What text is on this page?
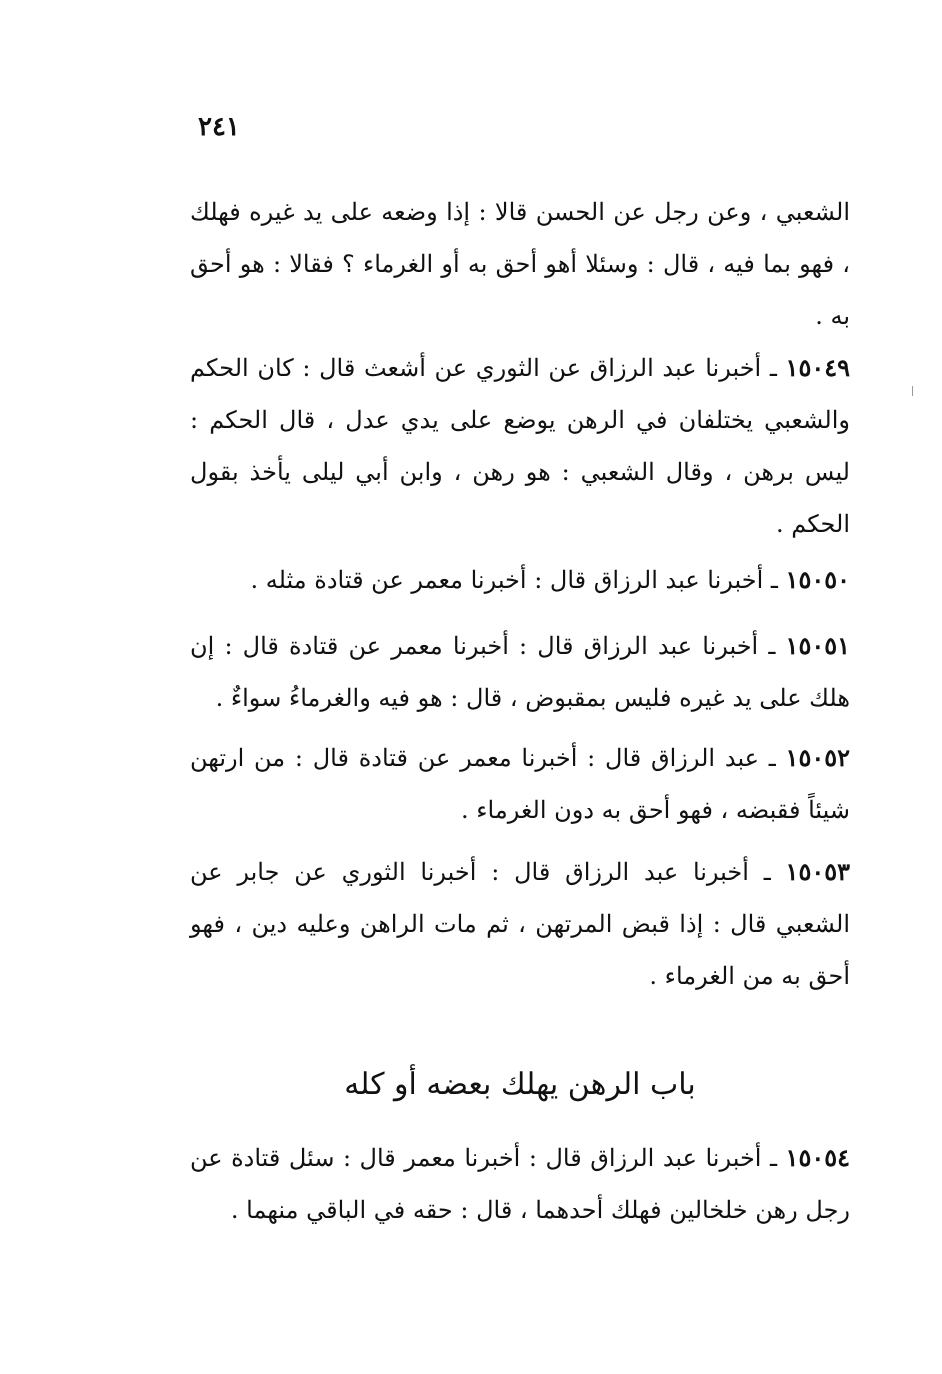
٢٤١
الشعبي ، وعن رجل عن الحسن قالا : إذا وضعه على يد غيره فهلك ، فهو بما فيه ، قال : وسئلا أهو أحق به أو الغرماء ؟ فقالا : هو أحق به .
١٥٠٤٩ ـ أخبرنا عبد الرزاق عن الثوري عن أشعث قال : كان الحكم والشعبي يختلفان في الرهن يوضع على يدي عدل ، قال الحكم : ليس برهن ، وقال الشعبي : هو رهن ، وابن أبي ليلى يأخذ بقول الحكم .
١٥٠٥٠ ـ أخبرنا عبد الرزاق قال : أخبرنا معمر عن قتادة مثله .
١٥٠٥١ ـ أخبرنا عبد الرزاق قال : أخبرنا معمر عن قتادة قال : إن هلك على يد غيره فليس بمقبوض ، قال : هو فيه والغرماءُ سواءٌ .
١٥٠٥٢ ـ عبد الرزاق قال : أخبرنا معمر عن قتادة قال : من ارتهن شيئاً فقبضه ، فهو أحق به دون الغرماء .
١٥٠٥٣ ـ أخبرنا عبد الرزاق قال : أخبرنا الثوري عن جابر عن الشعبي قال : إذا قبض المرتهن ، ثم مات الراهن وعليه دين ، فهو أحق به من الغرماء .
باب الرهن يهلك بعضه أو كله
١٥٠٥٤ ـ أخبرنا عبد الرزاق قال : أخبرنا معمر قال : سئل قتادة عن رجل رهن خلخالين فهلك أحدهما ، قال : حقه في الباقي منهما .
